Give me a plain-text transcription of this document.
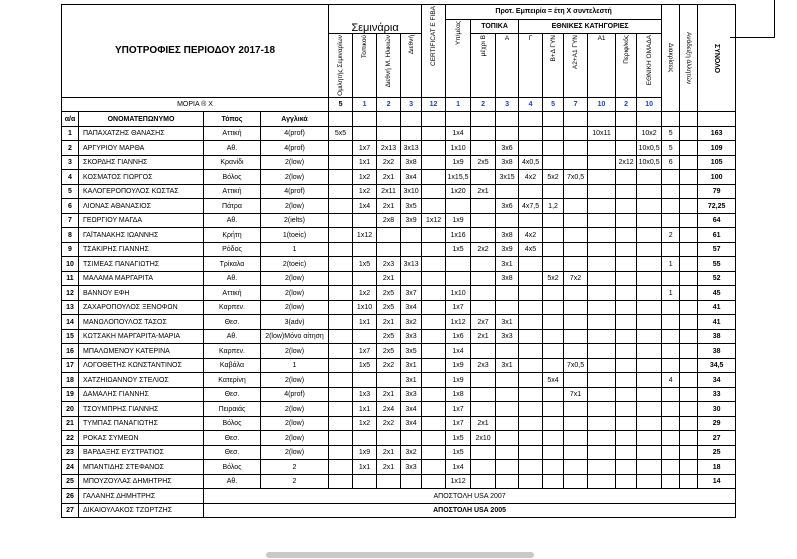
ΥΠΟΤΡΟΦΙΕΣ ΠΕΡΙΟΔΟΥ 2017-18				Σεμινάρια				CERTIFICAT E FIBA	Προτ. Εμπειρία = έτη Χ συντελεστή									Διακρίσεις	Ανάδειξη άλλητών	ΣΥΝΟΛΟ	

									Υπ/μέας	ΤΟΠΙΚΑ		ΕΘΝΙΚΕΣ ΚΑΤΗΓΟΡΙΕΣ									

				Ομιλητής Σεμιναρίων	Τοπικού	Διεθνή Μ. Ηλικιών	Διεθνή			μέχρι Β	Α	Γ	Β+Δ ΓΥΝ	Α2+Α1 ΓΥΝ	Α1	Περιφ/κός	ΕΘΝΙΚΗ ΟΜΑΔΑ				

ΜΟΡΙΑ ® Χ				5	1	2	3	12	1	2	3	4	5	7	10	2	10				
α/α	ΟΝΟΜΑΤΕΠΩΝΥΜΟ	Τόπος	Αγγλικά																		
1	ΠΑΠΑΧΑΤΖΗΣ ΘΑΝΑΣΗΣ	Αττική	4(prof)	5x5					1x4						10x11		10x2	5		163	
2	ΑΡΓΥΡΙΟΥ ΜΑΡΘΑ	Αθ.	4(prof)		1x7	2x13	3x13		1x10		3x6						10x0,5	5		109	
3	ΣΚΟΡΔΗΣ ΓΙΑΝΝΗΣ	Κρανίδι	2(low)		1x1	2x2	3x8		1x9	2x5	3x8	4x0,5				2x12	10x0,5	6		105	
4	ΚΟΣΜΑΤΟΣ ΓΙΩΡΓΟΣ	Βόλος	2(low)		1x2	2x1	3x4		1x15,5		3x15	4x2	5x2	7x0,5						100	
5	ΚΑΛΟΓΕΡΟΠΟΥΛΟΣ ΚΩΣΤΑΣ	Αττική	4(prof)		1x2	2x11	3x10		1x20	2x1										79	
6	ΛΙΟΝΑΣ ΑΘΑΝΑΣΙΟΣ	Πάτρα	2(low)		1x4	2x1	3x5				3x6	4x7,5	1,2							72,25	
7	ΓΕΩΡΓΙΟΥ ΜΑΓΔΑ	Αθ.	2(ielts)			2x8	3x9	1x12	1x9											64	
8	ΓΑΪΤΑΝΑΚΗΣ ΙΩΑΝΝΗΣ	Κρήτη	1(toeic)		1x12				1x16		3x8	4x2						2		61	
9	ΤΣΑΚΙΡΗΣ ΓΙΑΝΝΗΣ	Ρόδος	1						1x5	2x2	3x9	4x5								57	
10	ΤΣΙΜΕΑΣ ΠΑΝΑΓΙΩΤΗΣ	Τρίκαλα	2(toeic)		1x5	2x3	3x13				3x1							1		55	
11	ΜΑΛΑΜΑ ΜΑΡΓΑΡΙΤΑ	Αθ.	2(low)			2x1					3x8		5x2	7x2						52	
12	ΒΑΝΝΟΥ ΕΦΗ	Αττική	2(low)		1x2	2x5	3x7		1x10									1		45	
13	ΖΑΧΑΡΟΠΟΥΛΟΣ ΞΕΝΟΦΩΝ	Καρπεν.	2(low)		1x10	2x5	3x4		1x7											41	
14	ΜΑΝΩΛΟΠΟΥΛΟΣ ΤΑΣΟΣ	Θεσ.	3(adv)		1x1	2x1	3x2		1x12	2x7	3x1									41	
15	ΚΩΤΣΑΚΗ ΜΑΡΓΑΡΙΤΑ-ΜΑΡΙΑ	Αθ.	2(low)Μόνο αίτηση			2x5	3x3		1x6	2x1	3x3									38	
16	ΜΠΑΛΩΜΕΝΟΥ ΚΑΤΕΡΙΝΑ	Καρπεν.	2(low)		1x7	2x5	3x5		1x4											38	
17	ΛΟΓΟΘΕΤΗΣ ΚΩΝΣΤΑΝΤΙΝΟΣ	Καβάλα	1		1x5	2x2	3x1		1x9	2x3	3x1			7x0,5						34,5	
18	ΧΑΤΖΗΙΩΑΝΝΟΥ ΣΤΕΛΙΟΣ	Κατερίνη	2(low)				3x1		1x9				5x4					4		34	
19	ΔΑΜΑΛΗΣ ΓΙΑΝΝΗΣ	Θεσ.	4(prof)		1x3	2x1	3x3		1x8					7x1						33	
20	ΤΣΟΥΜΠΡΗΣ ΓΙΑΝΝΗΣ	Πειραιάς	2(low)		1x1	2x4	3x4		1x7											30	
21	ΤΥΜΠΑΣ ΠΑΝΑΓΙΩΤΗΣ	Βόλος	2(low)		1x2	2x2	3x4		1x7	2x1										29	
22	ΡΟΚΑΣ ΣΥΜΕΩΝ	Θεσ.	2(low)						1x5	2x10										27	
23	ΒΑΡΔΑΞΗΣ ΕΥΣΤΡΑΤΙΟΣ	Θεσ.	2(low)		1x9	2x1	3x2		1x5											25	
24	ΜΠΑΝΤΙΔΗΣ ΣΤΕΦΑΝΟΣ	Βόλος	2		1x1	2x1	3x3		1x4											18	
25	ΜΠΟΥΖΟΥΛΑΣ ΔΗΜΗΤΡΗΣ	Αθ.	2						1x12											14	
26	ΓΑΛΑΝΗΣ ΔΗΜΗΤΡΗΣ	ΑΠΟΣΤΟΛΗ USA 2007																			
27	ΔΙΚΑΙΟΥΛΑΚΟΣ ΤΖΩΡΤΖΗΣ	ΑΠΟΣΤΟΛΗ USA 2005																			
